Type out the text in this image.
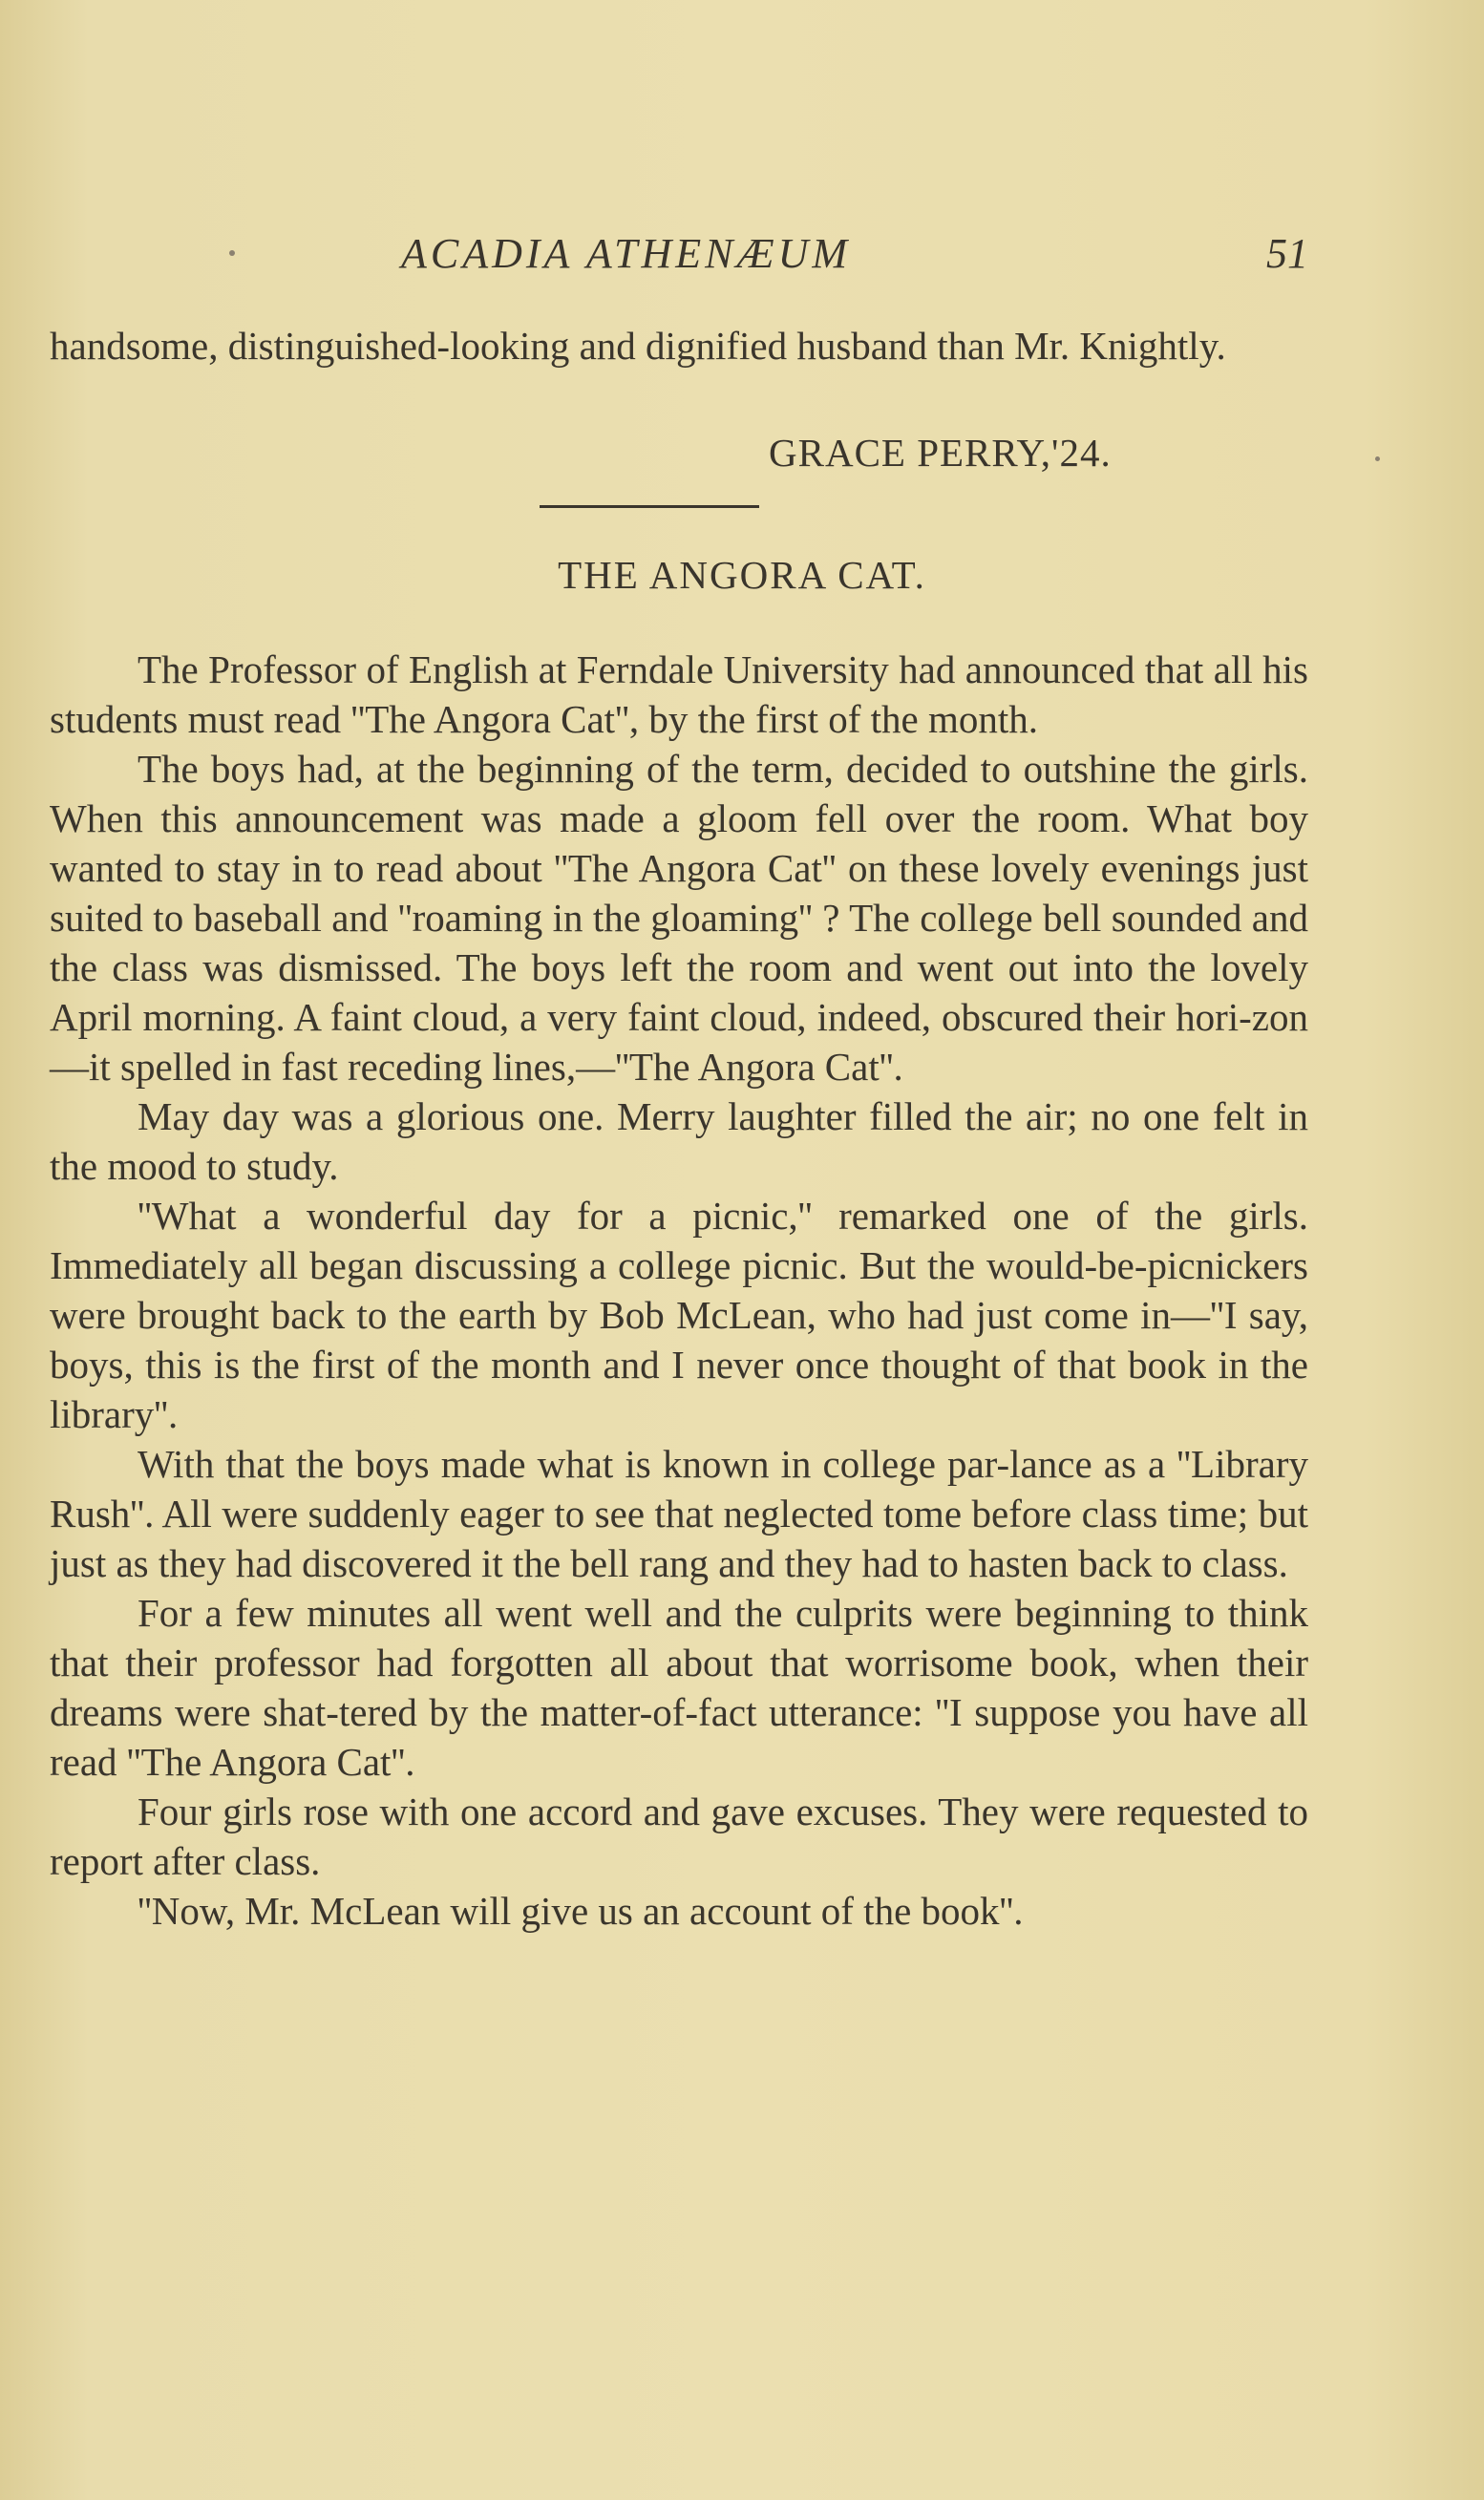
ACADIA ATHENÆUM	51

handsome, distinguished-looking and dignified husband than Mr. Knightly.

GRACE PERRY,'24.
THE ANGORA CAT.

The Professor of English at Ferndale University had announced that all his students must read ''The Angora Cat'', by the first of the month.

The boys had, at the beginning of the term, decided to outshine the girls. When this announcement was made a gloom fell over the room. What boy wanted to stay in to read about ''The Angora Cat'' on these lovely evenings just suited to baseball and ''roaming in the gloaming'' ? The college bell sounded and the class was dismissed. The boys left the room and went out into the lovely April morning. A faint cloud, a very faint cloud, indeed, obscured their hori-zon—it spelled in fast receding lines,—''The Angora Cat''.

May day was a glorious one. Merry laughter filled the air; no one felt in the mood to study.

''What a wonderful day for a picnic,'' remarked one of the girls. Immediately all began discussing a college picnic. But the would-be-picnickers were brought back to the earth by Bob McLean, who had just come in—''I say, boys, this is the first of the month and I never once thought of that book in the library''.

With that the boys made what is known in college par-lance as a ''Library Rush''. All were suddenly eager to see that neglected tome before class time; but just as they had discovered it the bell rang and they had to hasten back to class.

For a few minutes all went well and the culprits were beginning to think that their professor had forgotten all about that worrisome book, when their dreams were shat-tered by the matter-of-fact utterance: ''I suppose you have all read ''The Angora Cat''.

Four girls rose with one accord and gave excuses. They were requested to report after class.

''Now, Mr. McLean will give us an account of the book''.
